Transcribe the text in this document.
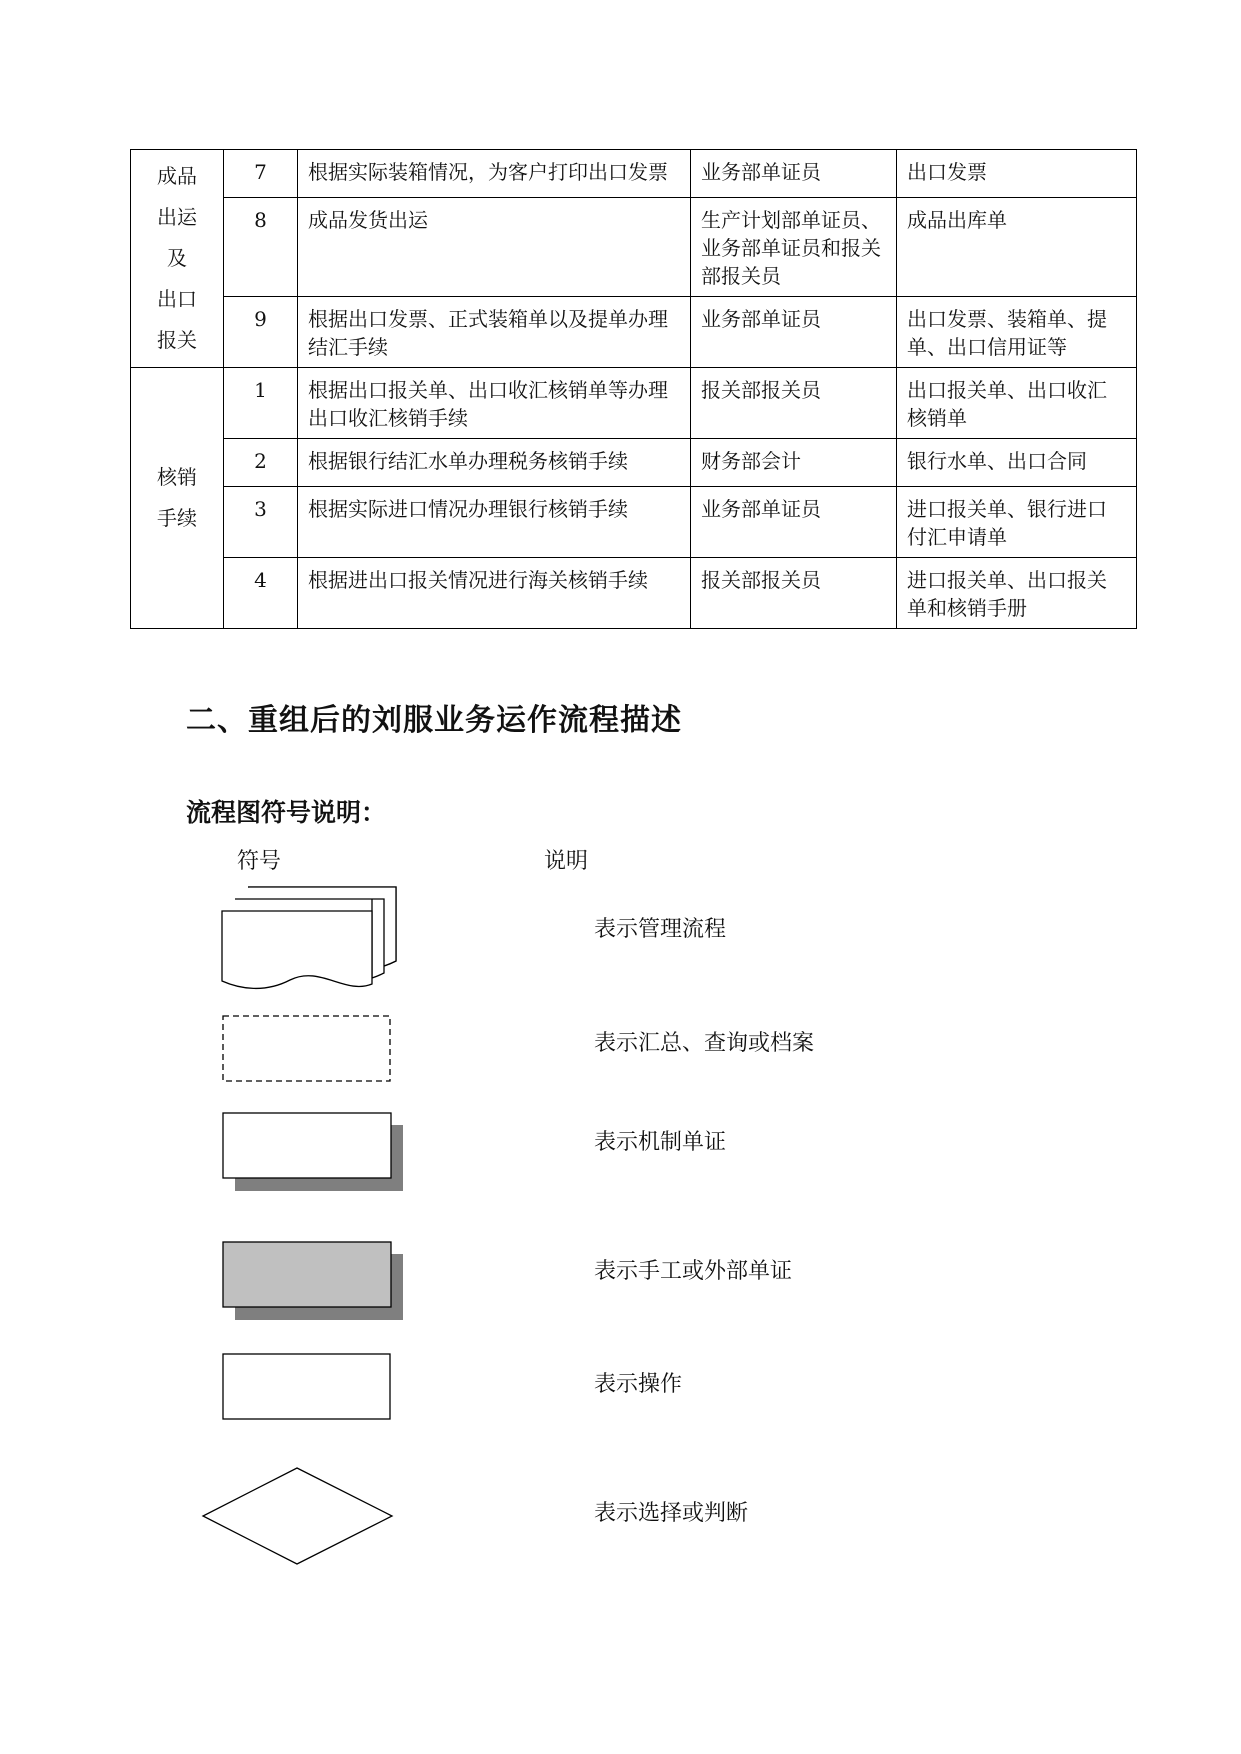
成品
出运
及
出口
报关	7	根据实际装箱情况，为客户打印出口发票	业务部单证员	出口发票
	8	成品发货出运	生产计划部单证员、业务部单证员和报关部报关员	成品出库单
	9	根据出口发票、正式装箱单以及提单办理结汇手续	业务部单证员	出口发票、装箱单、提单、出口信用证等
核销
手续	1	根据出口报关单、出口收汇核销单等办理出口收汇核销手续	报关部报关员	出口报关单、出口收汇核销单
	2	根据银行结汇水单办理税务核销手续	财务部会计	银行水单、出口合同
	3	根据实际进口情况办理银行核销手续	业务部单证员	进口报关单、银行进口付汇申请单
	4	根据进出口报关情况进行海关核销手续	报关部报关员	进口报关单、出口报关单和核销手册
二、重组后的刘服业务运作流程描述
流程图符号说明：
符号	说明
表示管理流程
表示汇总、查询或档案
表示机制单证
表示手工或外部单证
表示操作
表示选择或判断
